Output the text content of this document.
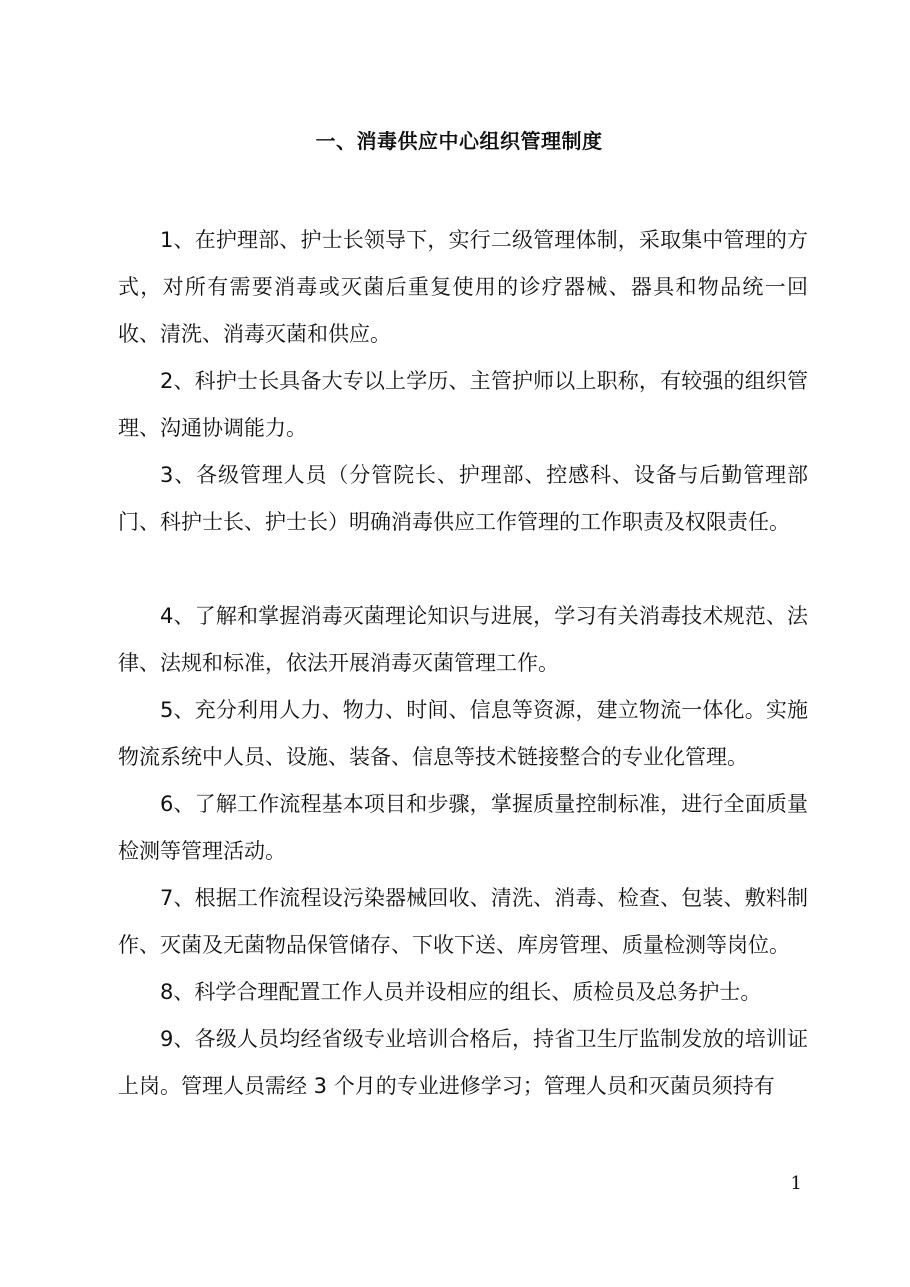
一、消毒供应中心组织管理制度

1、在护理部、护士长领导下，实行二级管理体制，采取集中管理的方式，对所有需要消毒或灭菌后重复使用的诊疗器械、器具和物品统一回收、清洗、消毒灭菌和供应。

2、科护士长具备大专以上学历、主管护师以上职称，有较强的组织管理、沟通协调能力。

3、各级管理人员（分管院长、护理部、控感科、设备与后勤管理部门、科护士长、护士长）明确消毒供应工作管理的工作职责及权限责任。

4、了解和掌握消毒灭菌理论知识与进展，学习有关消毒技术规范、法律、法规和标准，依法开展消毒灭菌管理工作。

5、充分利用人力、物力、时间、信息等资源，建立物流一体化。实施物流系统中人员、设施、装备、信息等技术链接整合的专业化管理。

6、了解工作流程基本项目和步骤，掌握质量控制标准，进行全面质量检测等管理活动。

7、根据工作流程设污染器械回收、清洗、消毒、检查、包装、敷料制作、灭菌及无菌物品保管储存、下收下送、库房管理、质量检测等岗位。

8、科学合理配置工作人员并设相应的组长、质检员及总务护士。

9、各级人员均经省级专业培训合格后，持省卫生厅监制发放的培训证上岗。管理人员需经 3 个月的专业进修学习；管理人员和灭菌员须持有

1
